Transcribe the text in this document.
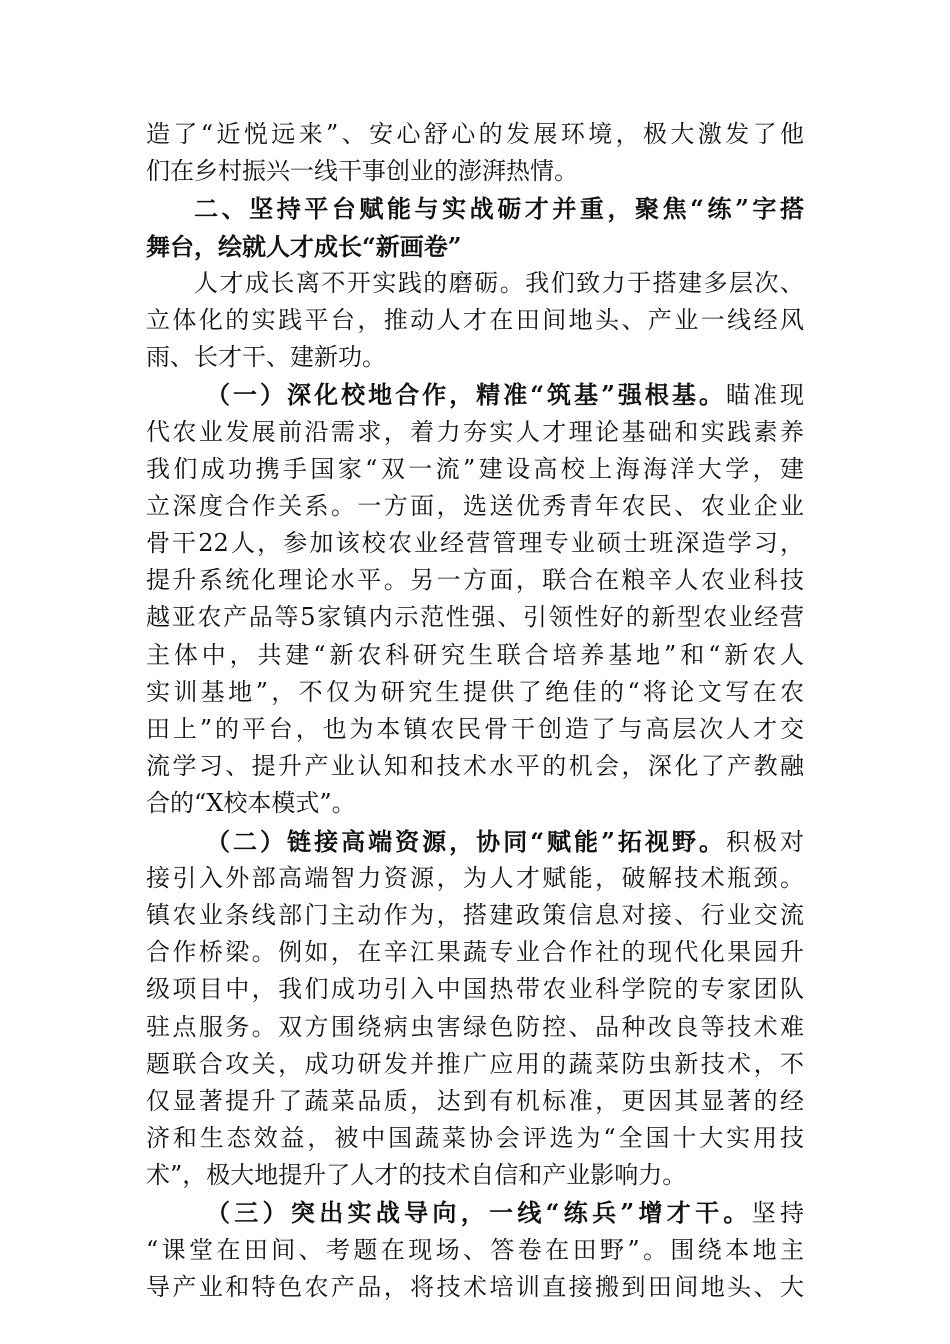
造了“近悦远来”、安心舒心的发展环境，极大激发了他
们在乡村振兴一线干事创业的澎湃热情。
二、坚持平台赋能与实战砺才并重，聚焦“练”字搭
舞台，绘就人才成长“新画卷”
人才成长离不开实践的磨砺。我们致力于搭建多层次、
立体化的实践平台，推动人才在田间地头、产业一线经风
雨、长才干、建新功。
（一）深化校地合作，精准“筑基”强根基。瞄准现
代农业发展前沿需求，着力夯实人才理论基础和实践素养
我们成功携手国家“双一流”建设高校上海海洋大学，建
立深度合作关系。一方面，选送优秀青年农民、农业企业
骨干22人，参加该校农业经营管理专业硕士班深造学习，
提升系统化理论水平。另一方面，联合在粮辛人农业科技
越亚农产品等5家镇内示范性强、引领性好的新型农业经营
主体中，共建“新农科研究生联合培养基地”和“新农人
实训基地”，不仅为研究生提供了绝佳的“将论文写在农
田上”的平台，也为本镇农民骨干创造了与高层次人才交
流学习、提升产业认知和技术水平的机会，深化了产教融
合的“X校本模式”。
（二）链接高端资源，协同“赋能”拓视野。积极对
接引入外部高端智力资源，为人才赋能，破解技术瓶颈。
镇农业条线部门主动作为，搭建政策信息对接、行业交流
合作桥梁。例如，在辛江果蔬专业合作社的现代化果园升
级项目中，我们成功引入中国热带农业科学院的专家团队
驻点服务。双方围绕病虫害绿色防控、品种改良等技术难
题联合攻关，成功研发并推广应用的蔬菜防虫新技术，不
仅显著提升了蔬菜品质，达到有机标准，更因其显著的经
济和生态效益，被中国蔬菜协会评选为“全国十大实用技
术”，极大地提升了人才的技术自信和产业影响力。
（三）突出实战导向，一线“练兵”增才干。坚持
“课堂在田间、考题在现场、答卷在田野”。围绕本地主
导产业和特色农产品，将技术培训直接搬到田间地头、大
